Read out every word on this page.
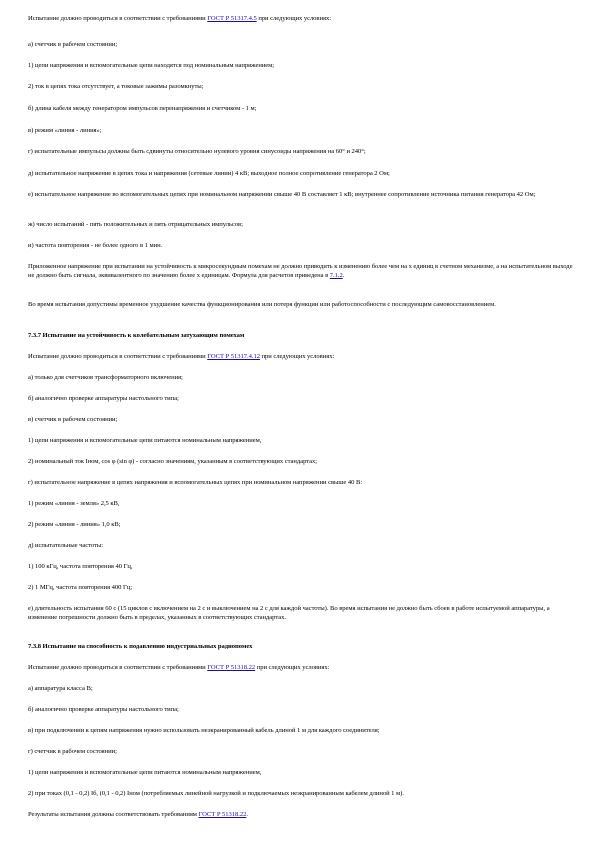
Испытание должно проводиться в соответствии с требованиями ГОСТ Р 51317.4.5 при следующих условиях:

а) счетчик в рабочем состоянии;

1) цепи напряжения и вспомогательные цепи находятся под номинальным напряжением;

2) ток в цепях тока отсутствует, а токовые зажимы разомкнуты;

б) длина кабеля между генератором импульсов перенапряжения и счетчиком - 1 м;

в) режим «линия - линия»;

г) испытательные импульсы должны быть сдвинуты относительно нулевого уровня синусоиды напряжения на 60° и 240°;

д) испытательное напряжение в цепях тока и напряжения (сетевые линии) 4 кВ; выходное полное сопротивление генератора 2 Ом;

е) испытательное напряжение во вспомогательных цепях при номинальном напряжении свыше 40 В составляет 1 кВ; внутреннее сопротивление источника питания генератора 42 Ом;

ж) число испытаний - пять положительных и пять отрицательных импульсов;

и) частота повторения - не более одного в 1 мин.

Приложенное напряжение при испытании на устойчивость к микросекундным помехам не должно приводить к изменению более чем на х единиц в счетном механизме, а на испытательном выходе не должно быть сигнала, эквивалентного по значению более х единицам. Формула для расчетов приведена в 7.1.2.

Во время испытания допустимы временное ухудшение качества функционирования или потеря функции или работоспособности с последующим самовосстановлением.

7.3.7 Испытание на устойчивость к колебательным затухающим помехам

Испытание должно проводиться в соответствии с требованиями ГОСТ Р 51317.4.12 при следующих условиях:

а) только для счетчиков трансформаторного включения;

б) аналогично проверке аппаратуры настольного типа;

в) счетчик в рабочем состоянии;

1) цепи напряжения и вспомогательные цепи питаются номинальным напряжением,

2) номинальный ток Iном, cos φ (sin φ) - согласно значениям, указанным в соответствующих стандартах;

г) испытательное напряжение в цепях напряжения и вспомогательных цепях при номинальном напряжении свыше 40 В:

1) режим «линия - земля» 2,5 кВ,

2) режим «линия - линия» 1,0 кВ;

д) испытательные частоты:

1) 100 кГц, частота повторения 40 Гц,

2) 1 МГц, частота повторения 400 Гц;

е) длительность испытания 60 с (15 циклов с включением на 2 с и выключением на 2 с для каждой частоты). Во время испытания не должно быть сбоев в работе испытуемой аппаратуры, а изменение погрешности должно быть в пределах, указанных в соответствующих стандартах.

7.3.8 Испытание на способность к подавлению индустриальных радиопомех

Испытание должно проводиться в соответствии с требованиями ГОСТ Р 51318.22 при следующих условиях:

а) аппаратура класса В;

б) аналогично проверке аппаратуры настольного типа;

в) при подключении к цепям напряжения нужно использовать неэкранированный кабель длиной 1 м для каждого соединителя;

г) счетчик в рабочем состоянии;

1) цепи напряжения и вспомогательные цепи питаются номинальным напряжением,

2) при токах (0,1 - 0,2) Iб, (0,1 - 0,2) Iном (потребляемых линейной нагрузкой и подключаемых неэкранированным кабелем длиной 1 м).

Результаты испытания должны соответствовать требованиям ГОСТ Р 51318.22.
